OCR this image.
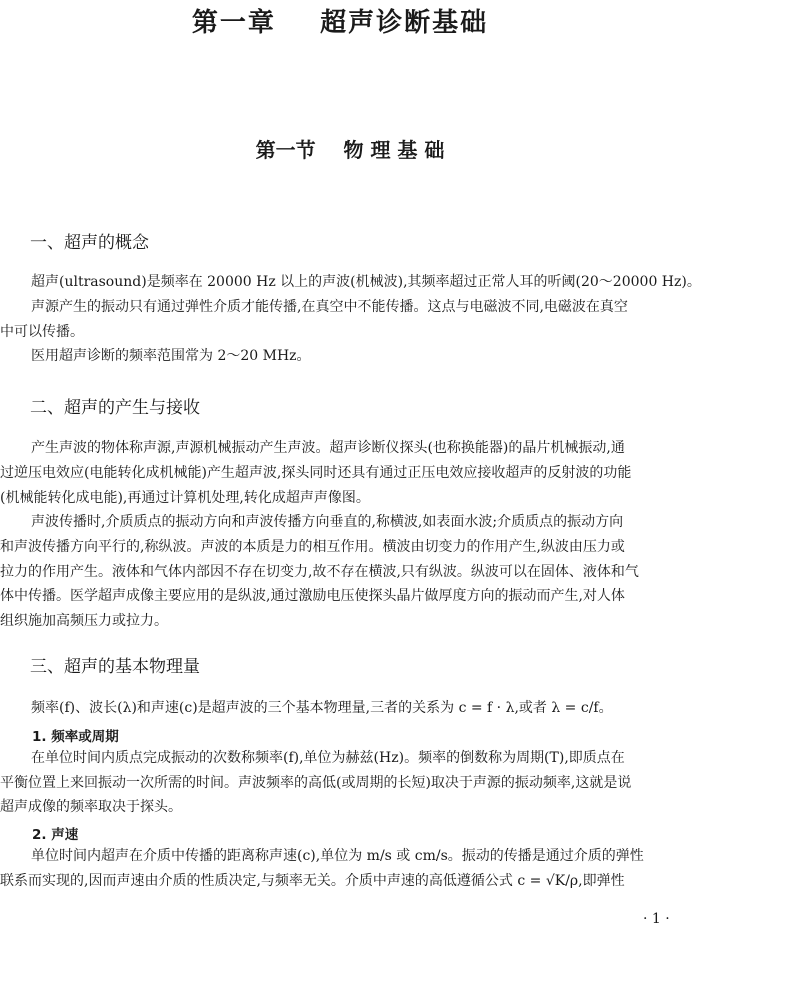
第一章    超声诊断基础
第一节    物 理 基 础
一、超声的概念
超声(ultrasound)是频率在 20000 Hz 以上的声波(机械波),其频率超过正常人耳的听阈(20～20000 Hz)。
声源产生的振动只有通过弹性介质才能传播,在真空中不能传播。这点与电磁波不同,电磁波在真空
中可以传播。
医用超声诊断的频率范围常为 2～20 MHz。
二、超声的产生与接收
产生声波的物体称声源,声源机械振动产生声波。超声诊断仪探头(也称换能器)的晶片机械振动,通
过逆压电效应(电能转化成机械能)产生超声波,探头同时还具有通过正压电效应接收超声的反射波的功能
(机械能转化成电能),再通过计算机处理,转化成超声声像图。
声波传播时,介质质点的振动方向和声波传播方向垂直的,称横波,如表面水波;介质质点的振动方向
和声波传播方向平行的,称纵波。声波的本质是力的相互作用。横波由切变力的作用产生,纵波由压力或
拉力的作用产生。液体和气体内部因不存在切变力,故不存在横波,只有纵波。纵波可以在固体、液体和气
体中传播。医学超声成像主要应用的是纵波,通过激励电压使探头晶片做厚度方向的振动而产生,对人体
组织施加高频压力或拉力。
三、超声的基本物理量
频率(f)、波长(λ)和声速(c)是超声波的三个基本物理量,三者的关系为 c = f · λ,或者 λ = c/f。
1. 频率或周期
在单位时间内质点完成振动的次数称频率(f),单位为赫兹(Hz)。频率的倒数称为周期(T),即质点在
平衡位置上来回振动一次所需的时间。声波频率的高低(或周期的长短)取决于声源的振动频率,这就是说
超声成像的频率取决于探头。
2. 声速
单位时间内超声在介质中传播的距离称声速(c),单位为 m/s 或 cm/s。振动的传播是通过介质的弹性
联系而实现的,因而声速由介质的性质决定,与频率无关。介质中声速的高低遵循公式 c = √K/ρ,即弹性
· 1 ·
